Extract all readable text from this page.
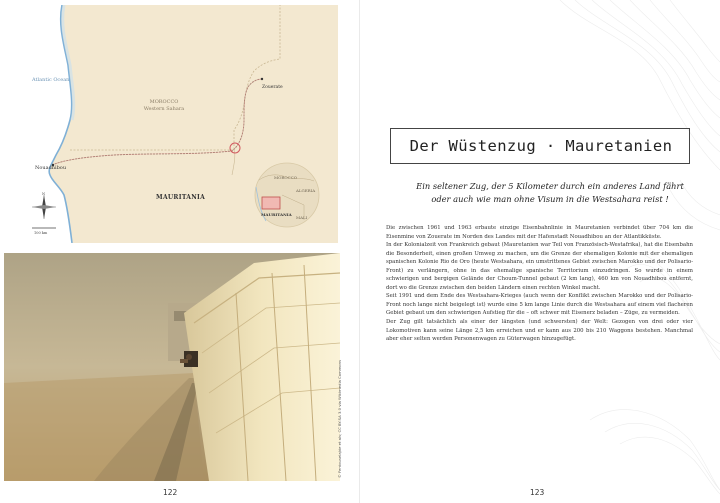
Atlantic Ocean
MOROCCO
Western Sahara
MAURITANIA
Zouerate
Nouadhibou
MOROCCO
ALGERIA
MAURITANIA
MALI
N
100 km
© Ferdouselajde et als; CC BY-SA 3.0 via Wikimedia Commons
122
Der Wüstenzug · Mauretanien
Ein seltener Zug, der 5 Kilometer durch ein anderes Land fährt
oder auch wie man ohne Visum in die Westsahara reist !

Die zwischen 1961 und 1963 erbaute einzige Eisenbahnlinie in Mauretanien verbindet über 704 km die Eisenmine von Zouerate im Norden des Landes mit der Hafenstadt Nouadhibou an der Atlantikküste.

In der Kolonialzeit von Frankreich gebaut (Mauretanien war Teil von Französisch-Westafrika), hat die Eisenbahn die Besonderheit, einen großen Umweg zu machen, um die Grenze der ehemaligen Kolonie mit der ehemaligen spanischen Kolonie Rio de Oro (heute Westsahara, ein umstrittenes Gebiet zwischen Marokko und der Polisario-Front) zu verlängern, ohne in das ehemalige spanische Territorium einzudringen. So wurde in einem schwierigen und bergigen Gelände der Choum-Tunnel gebaut (2 km lang), 460 km von Nouadhibou entfernt, dort wo die Grenze zwischen den beiden Ländern einen rechten Winkel macht.

Seit 1991 und dem Ende des Westsahara-Krieges (auch wenn der Konflikt zwischen Marokko und der Polisario-Front noch lange nicht beigelegt ist) wurde eine 5 km lange Linie durch die Westsahara auf einem viel flacheren Gebiet gebaut um den schwierigen Aufstieg für die – oft schwer mit Eisenerz beladen – Züge, zu vermeiden.

Der Zug gilt tatsächlich als einer der längsten (und schwersten) der Welt: Gezogen von drei oder vier Lokomotiven kann seine Länge 2,5 km erreichen und er kann aus 200 bis 210 Waggons bestehen. Manchmal aber eher selten werden Personenwagen zu Güterwagen hinzugefügt.

123
